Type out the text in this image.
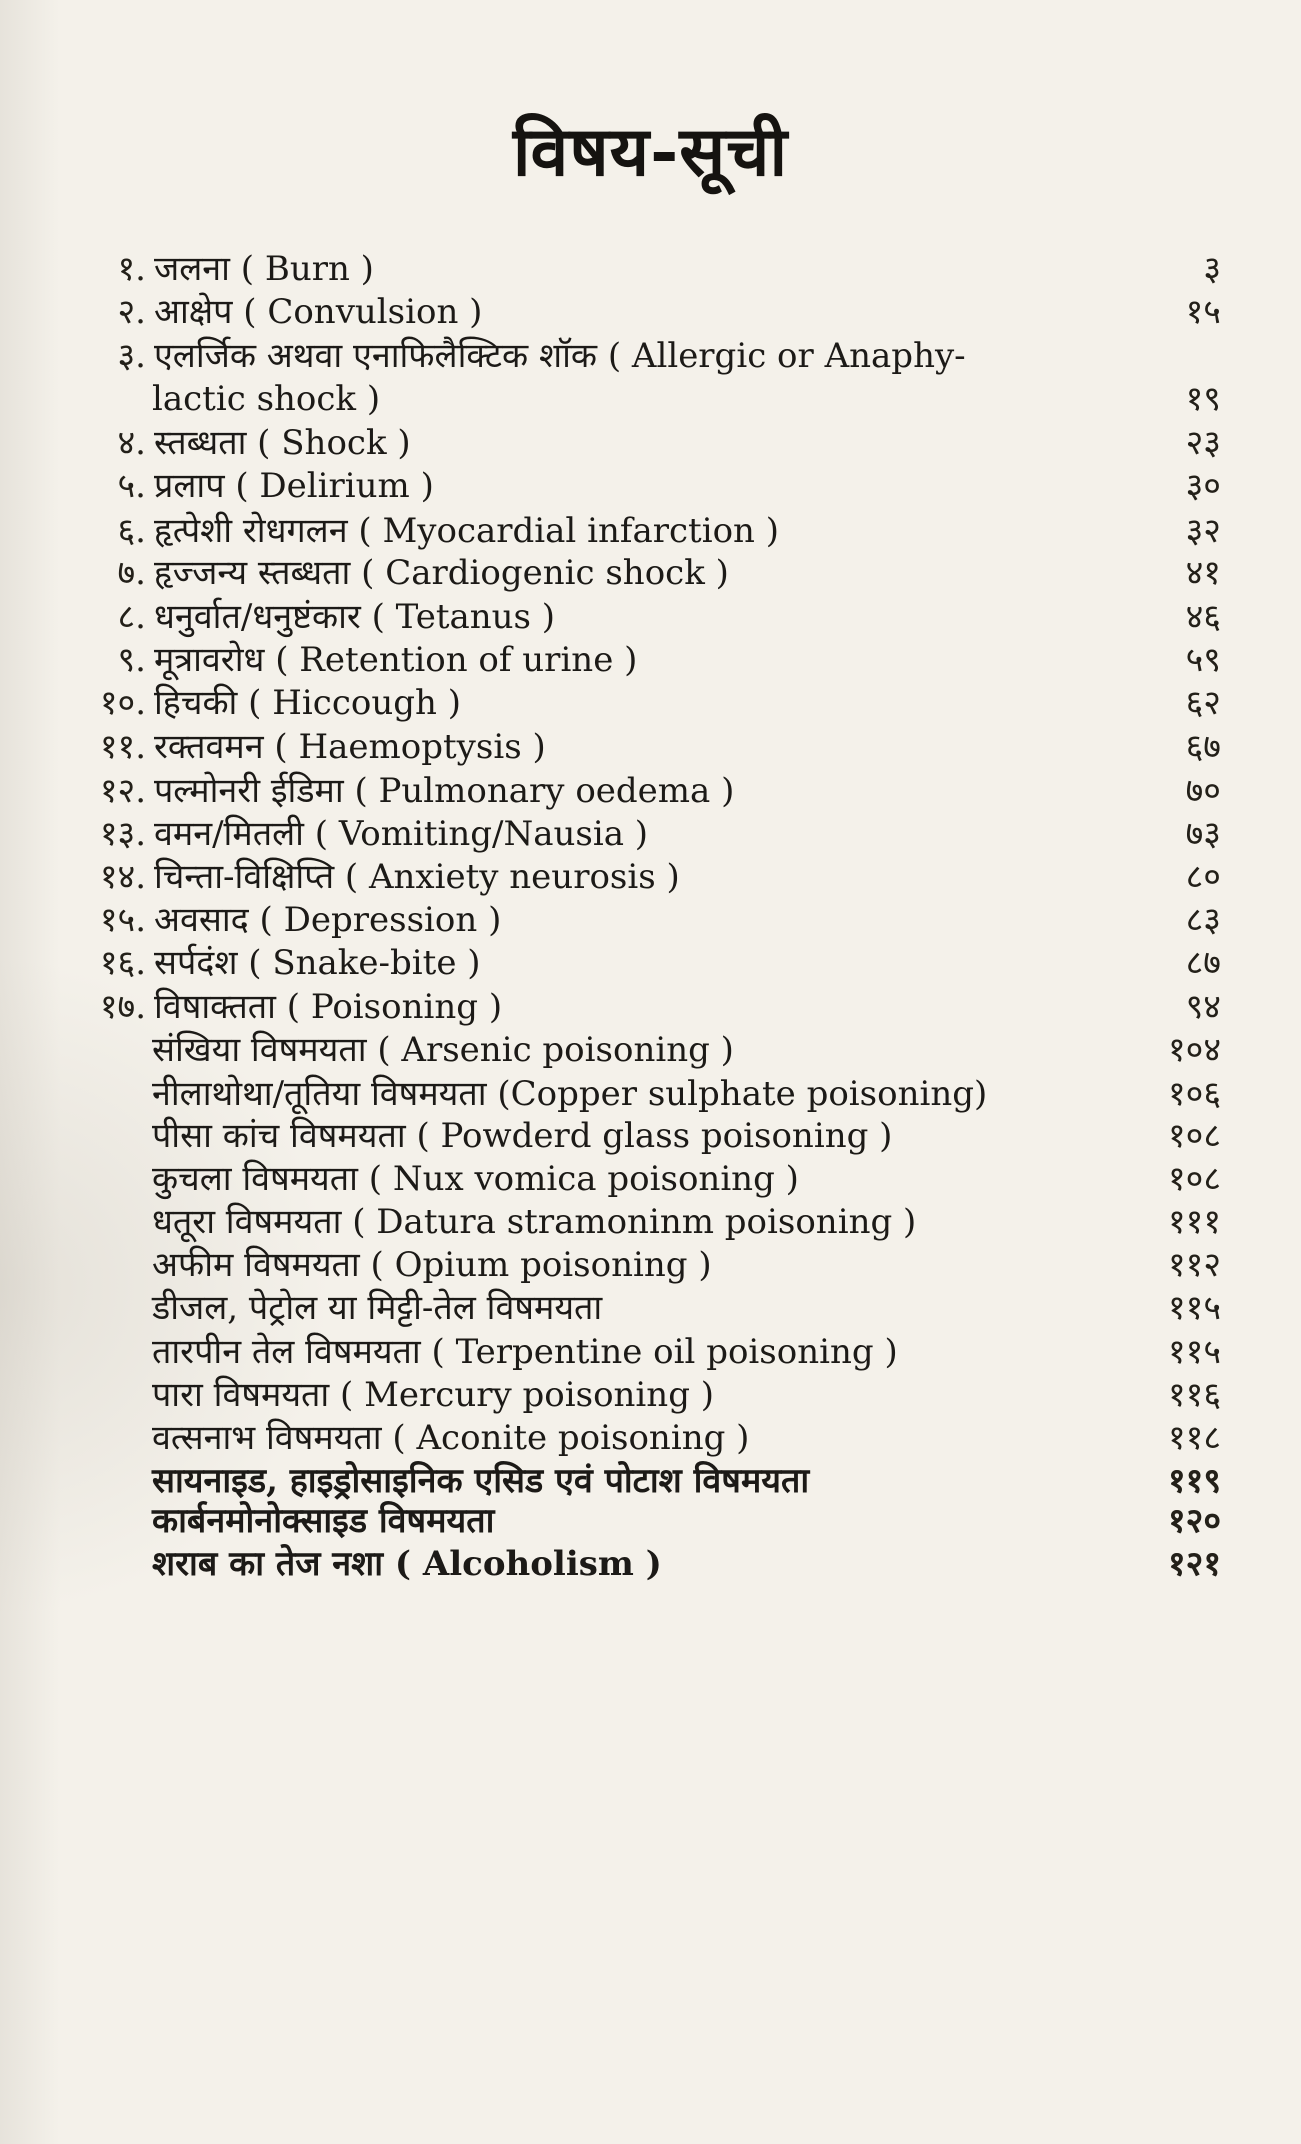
विषय-सूची
१. जलना ( Burn )	३
२. आक्षेप ( Convulsion )	१५
३. एलर्जिक अथवा एनाफिलैक्टिक शॉक ( Allergic or Anaphy-
lactic shock )	१९
४. स्तब्धता ( Shock )	२३
५. प्रलाप ( Delirium )	३०
६. हृत्पेशी रोधगलन ( Myocardial infarction )	३२
७. हृज्जन्य स्तब्धता ( Cardiogenic shock )	४१
८. धनुर्वात/धनुष्टंकार ( Tetanus )	४६
९. मूत्रावरोध ( Retention of urine )	५९
१०. हिचकी ( Hiccough )	६२
११. रक्तवमन ( Haemoptysis )	६७
१२. पल्मोनरी ईडिमा ( Pulmonary oedema )	७०
१३. वमन/मितली ( Vomiting/Nausia )	७३
१४. चिन्ता-विक्षिप्ति ( Anxiety neurosis )	८०
१५. अवसाद ( Depression )	८३
१६. सर्पदंश ( Snake-bite )	८७
१७. विषाक्तता ( Poisoning )	९४
संखिया विषमयता ( Arsenic poisoning )	१०४
नीलाथोथा/तूतिया विषमयता (Copper sulphate poisoning)	१०६
पीसा कांच विषमयता ( Powderd glass poisoning )	१०८
कुचला विषमयता ( Nux vomica poisoning )	१०८
धतूरा विषमयता ( Datura stramoninm poisoning )	१११
अफीम विषमयता ( Opium poisoning )	११२
डीजल, पेट्रोल या मिट्टी-तेल विषमयता	११५
तारपीन तेल विषमयता ( Terpentine oil poisoning )	११५
पारा विषमयता ( Mercury poisoning )	११६
वत्सनाभ विषमयता ( Aconite poisoning )	११८
सायनाइड, हाइड्रोसाइनिक एसिड एवं पोटाश विषमयता	११९
कार्बनमोनोक्साइड विषमयता	१२०
शराब का तेज नशा ( Alcoholism )	१२१
